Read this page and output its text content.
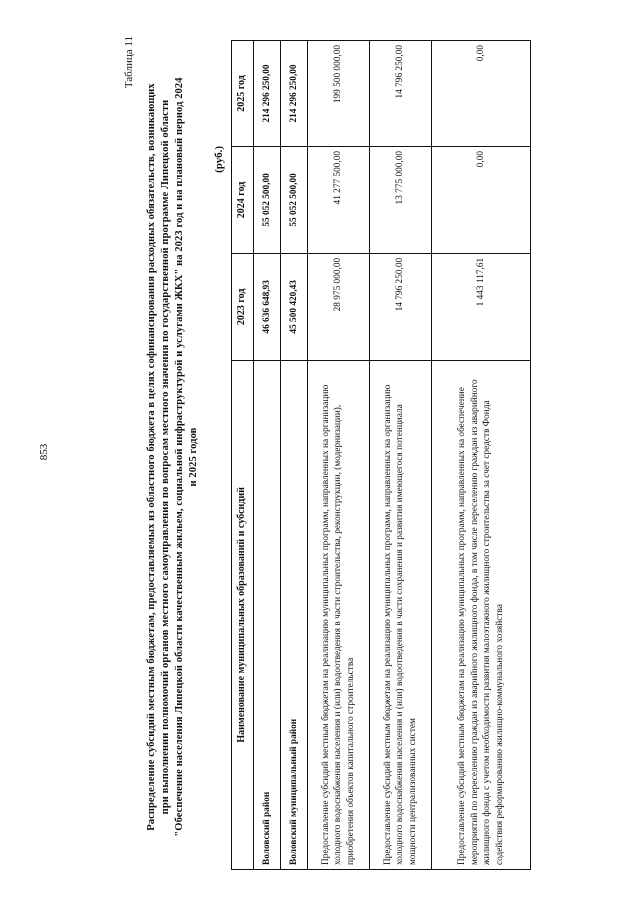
853
Таблица 11
Распределение субсидий местным бюджетам, предоставляемых из областного бюджета в целях софинансирования расходных обязательств, возникающих при выполнении полномочий органов местного самоуправления по вопросам местного значения по государственной программе Липецкой области "Обеспечение населения Липецкой области качественным жильем, социальной инфраструктурой и услугами ЖКХ" на 2023 год и на плановый период 2024 и 2025 годов
(руб.)
Наименование муниципальных образований и субсидий	2023 год	2024 год	2025 год
Воловский район	46 636 648,93	55 052 500,00	214 296 250,00
Воловский муниципальный район	45 500 420,43	55 052 500,00	214 296 250,00
Предоставление субсидий местным бюджетам на реализацию муниципальных программ, направленных на организацию холодного водоснабжения населения и (или) водоотведения в части строительства, реконструкции, (модернизации), приобретения объектов капитального строительства	28 975 000,00	41 277 500,00	199 500 000,00
Предоставление субсидий местным бюджетам на реализацию муниципальных программ, направленных на организацию холодного водоснабжения населения и (или) водоотведения в части сохранения и развития имеющегося потенциала мощности централизованных систем	14 796 250,00	13 775 000,00	14 796 250,00
Предоставление субсидий местным бюджетам на реализацию муниципальных программ, направленных на обеспечение мероприятий по переселению граждан из аварийного жилищного фонда, в том числе переселению граждан из аварийного жилищного фонда с учетом необходимости развития малоэтажного жилищного строительства за счет средств Фонда содействия реформированию жилищно-коммунального хозяйства	1 443 117,61	0,00	0,00
